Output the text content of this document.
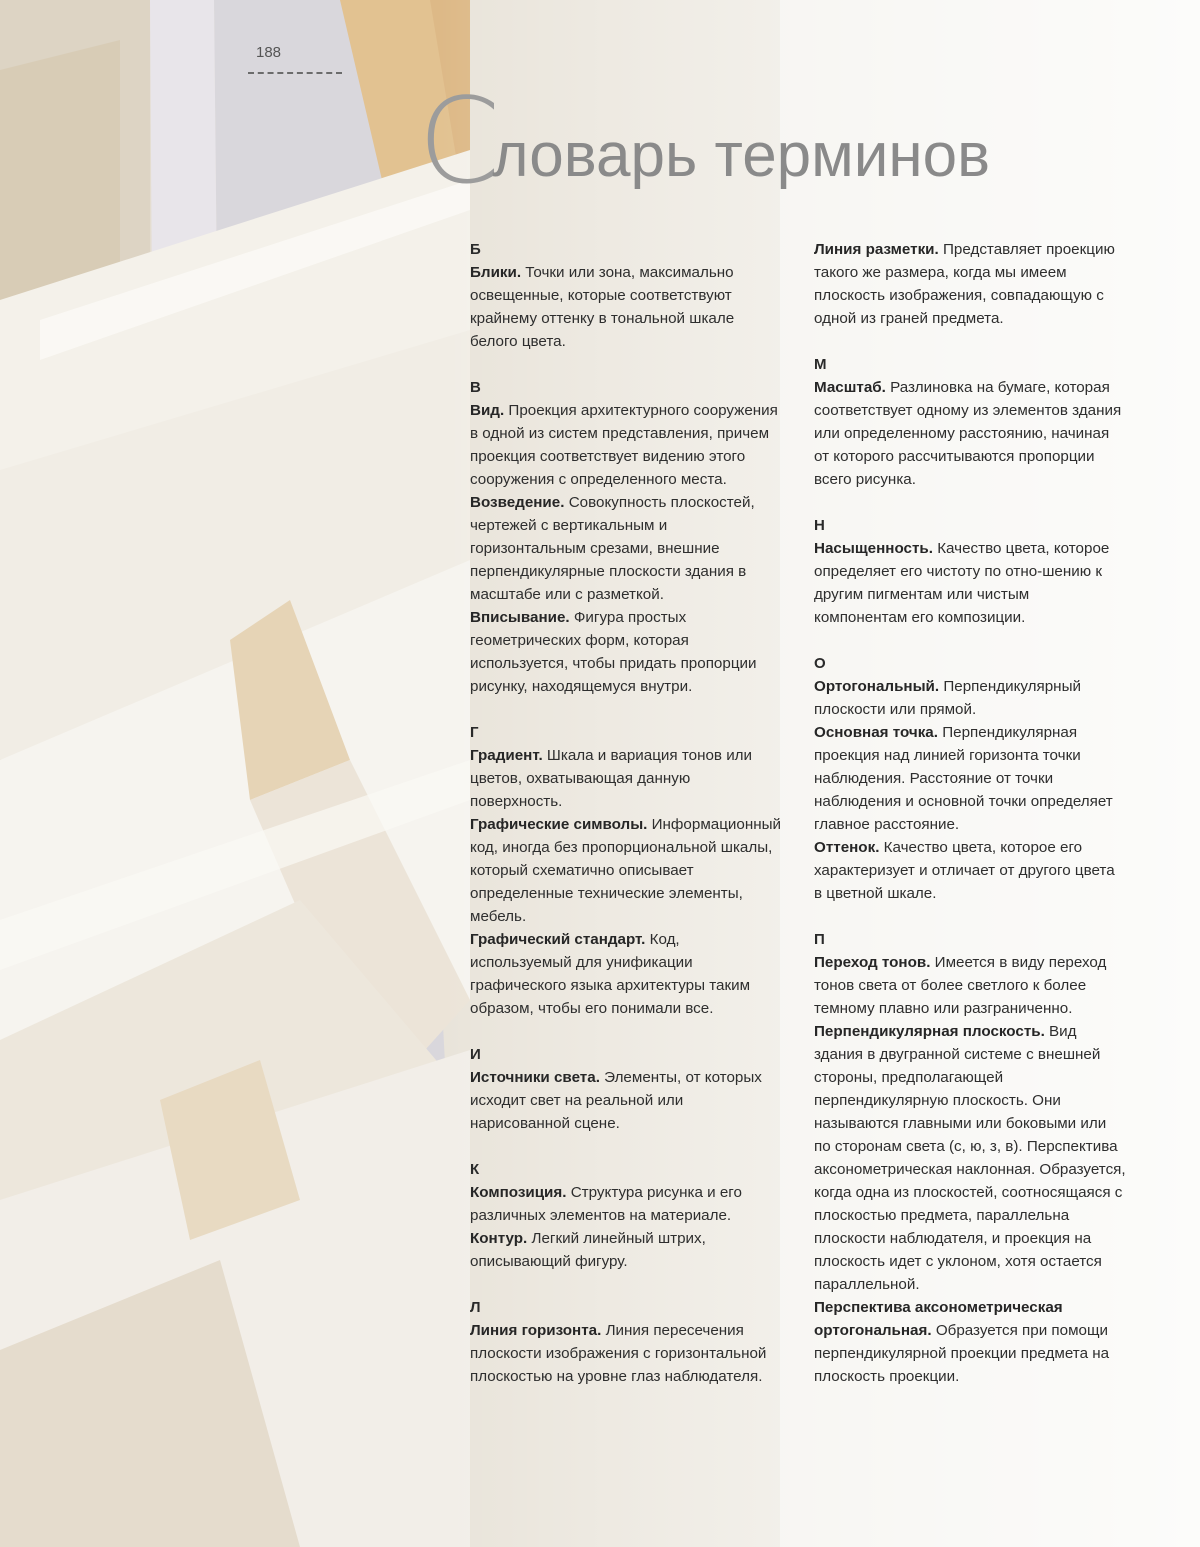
188
Словарь терминов

Б

Блики. Точки или зона, максимально освещенные, которые соответствуют крайнему оттенку в тональной шкале белого цвета.

В

Вид. Проекция архитектурного сооружения в одной из систем представления, причем проекция соответствует видению этого сооружения с определенного места.

Возведение. Совокупность плоскостей, чертежей с вертикальным и горизонтальным срезами, внешние перпендикулярные плоскости здания в масштабе или с разметкой.

Вписывание. Фигура простых геометрических форм, которая используется, чтобы придать пропорции рисунку, находящемуся внутри.

Г

Градиент. Шкала и вариация тонов или цветов, охватывающая данную поверхность.

Графические символы. Информационный код, иногда без пропорциональной шкалы, который схематично описывает определенные технические элементы, мебель.

Графический стандарт. Код, используемый для унификации графического языка архитектуры таким образом, чтобы его понимали все.

И

Источники света. Элементы, от которых исходит свет на реальной или нарисованной сцене.

К

Композиция. Структура рисунка и его различных элементов на материале.

Контур. Легкий линейный штрих, описывающий фигуру.

Л

Линия горизонта. Линия пересечения плоскости изображения с горизонтальной плоскостью на уровне глаз наблюдателя.

Линия разметки. Представляет проекцию такого же размера, когда мы имеем плоскость изображения, совпадающую с одной из граней предмета.

М

Масштаб. Разлиновка на бумаге, которая соответствует одному из элементов здания или определенному расстоянию, начиная от которого рассчитываются пропорции всего рисунка.

Н

Насыщенность. Качество цвета, которое определяет его чистоту по отно-шению к другим пигментам или чистым компонентам его композиции.

О

Ортогональный. Перпендикулярный плоскости или прямой.

Основная точка. Перпендикулярная проекция над линией горизонта точки наблюдения. Расстояние от точки наблюдения и основной точки определяет главное расстояние.

Оттенок. Качество цвета, которое его характеризует и отличает от другого цвета в цветной шкале.

П

Переход тонов. Имеется в виду переход тонов света от более светлого к более темному плавно или разграниченно.

Перпендикулярная плоскость. Вид здания в двугранной системе с внешней стороны, предполагающей перпендикулярную плоскость. Они называются главными или боковыми или по сторонам света (с, ю, з, в). Перспектива аксонометрическая наклонная. Образуется, когда одна из плоскостей, соотносящаяся с плоскостью предмета, параллельна плоскости наблюдателя, и проекция на плоскость идет с уклоном, хотя остается параллельной.

Перспектива аксонометрическая ортогональная. Образуется при помощи перпендикулярной проекции предмета на плоскость проекции.
